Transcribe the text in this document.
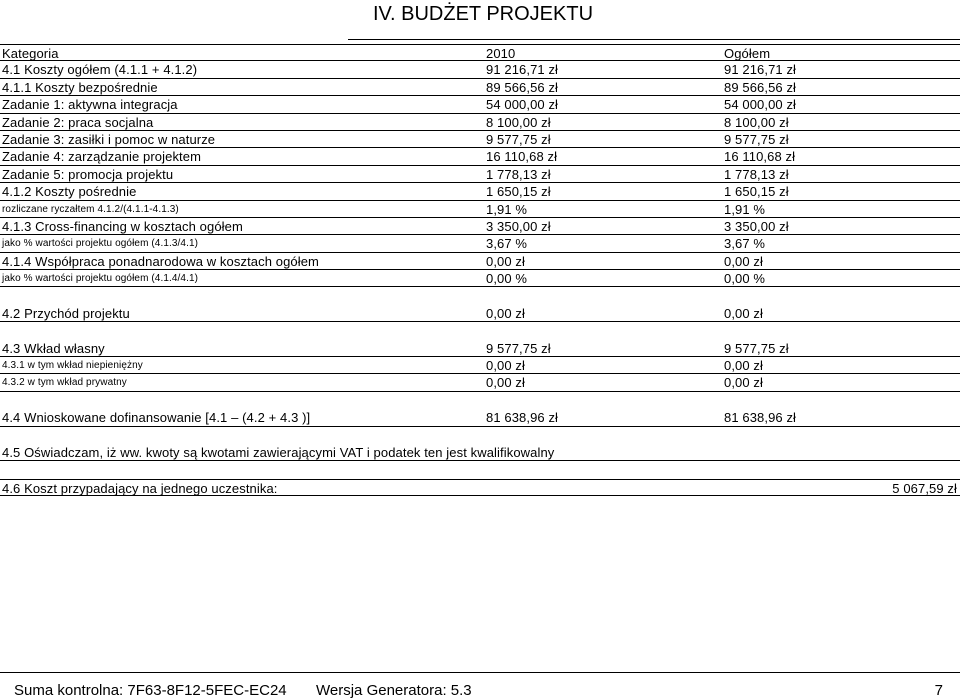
IV. BUDŻET PROJEKTU
Kategoria	2010	Ogółem
4.1 Koszty ogółem (4.1.1 + 4.1.2)	91 216,71 zł	91 216,71 zł
4.1.1 Koszty bezpośrednie	89 566,56 zł	89 566,56 zł
Zadanie 1: aktywna integracja	54 000,00 zł	54 000,00 zł
Zadanie 2: praca socjalna	8 100,00 zł	8 100,00 zł
Zadanie 3: zasiłki i pomoc w naturze	9 577,75 zł	9 577,75 zł
Zadanie 4: zarządzanie projektem	16 110,68 zł	16 110,68 zł
Zadanie 5: promocja projektu	1 778,13 zł	1 778,13 zł
4.1.2 Koszty pośrednie	1 650,15 zł	1 650,15 zł
rozliczane ryczałtem 4.1.2/(4.1.1-4.1.3)	1,91 %	1,91 %
4.1.3 Cross-financing w kosztach ogółem	3 350,00 zł	3 350,00 zł
jako % wartości projektu ogółem (4.1.3/4.1)	3,67 %	3,67 %
4.1.4 Współpraca ponadnarodowa w kosztach ogółem	0,00 zł	0,00 zł
jako % wartości projektu ogółem (4.1.4/4.1)	0,00 %	0,00 %
4.2 Przychód projektu	0,00 zł	0,00 zł
4.3 Wkład własny	9 577,75 zł	9 577,75 zł
4.3.1 w tym wkład niepieniężny	0,00 zł	0,00 zł
4.3.2 w tym wkład prywatny	0,00 zł	0,00 zł
4.4 Wnioskowane dofinansowanie [4.1 – (4.2 + 4.3 )]	81 638,96 zł	81 638,96 zł
4.5 Oświadczam, iż ww. kwoty są kwotami zawierającymi VAT i podatek ten jest kwalifikowalny
4.6 Koszt przypadający na jednego uczestnika:	5 067,59 zł
Suma kontrolna: 7F63-8F12-5FEC-EC24 Wersja Generatora: 5.3	7
